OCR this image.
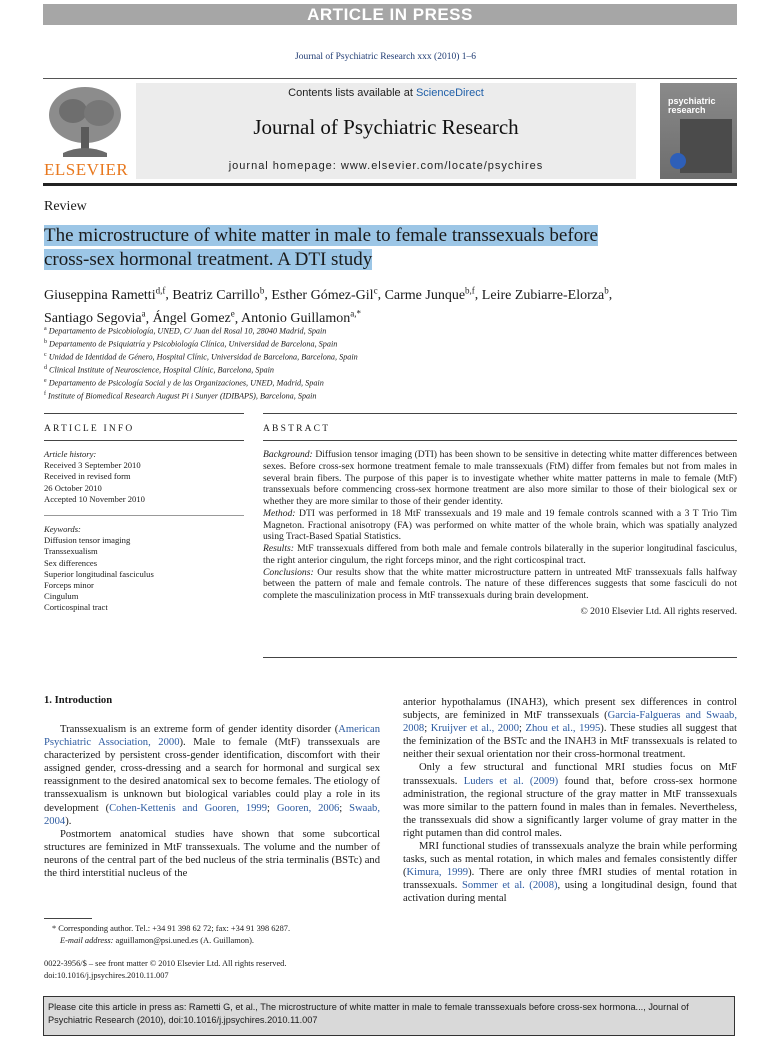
ARTICLE IN PRESS
Journal of Psychiatric Research xxx (2010) 1–6
ELSEVIER
Contents lists available at ScienceDirect
Journal of Psychiatric Research
journal homepage: www.elsevier.com/locate/psychires
psychiatric
research
Review
The microstructure of white matter in male to female transsexuals before
cross-sex hormonal treatment. A DTI study
Giuseppina Rametti$^{d,f}$, Beatriz Carrillo$^b$, Esther Gómez-Gil$^c$, Carme Junque$^{b,f}$, Leire Zubiarre-Elorza$^b$,
Santiago Segovia$^a$, Ángel Gomez$^e$, Antonio Guillamon$^{a,*}$
$^a$ Departamento de Psicobiología, UNED, C/ Juan del Rosal 10, 28040 Madrid, Spain
$^b$ Departamento de Psiquiatría y Psicobiología Clínica, Universidad de Barcelona, Spain
$^c$ Unidad de Identidad de Género, Hospital Clínic, Universidad de Barcelona, Barcelona, Spain
$^d$ Clinical Institute of Neuroscience, Hospital Clínic, Barcelona, Spain
$^e$ Departamento de Psicología Social y de las Organizaciones, UNED, Madrid, Spain
$^f$ Institute of Biomedical Research August Pi i Sunyer (IDIBAPS), Barcelona, Spain
ARTICLE INFO	ABSTRACT
Article history:
Received 3 September 2010
Received in revised form
26 October 2010
Accepted 10 November 2010
Keywords:
Diffusion tensor imaging
Transsexualism
Sex differences
Superior longitudinal fasciculus
Forceps minor
Cingulum
Corticospinal tract

Background: Diffusion tensor imaging (DTI) has been shown to be sensitive in detecting white matter differences between sexes. Before cross-sex hormone treatment female to male transsexuals (FtM) differ from females but not from males in several brain fibers. The purpose of this paper is to investigate whether white matter patterns in male to female (MtF) transsexuals before commencing cross-sex hormone treatment are also more similar to those of their biological sex or whether they are more similar to those of their gender identity.

Method: DTI was performed in 18 MtF transsexuals and 19 male and 19 female controls scanned with a 3 T Trio Tim Magneton. Fractional anisotropy (FA) was performed on white matter of the whole brain, which was spatially analyzed using Tract-Based Spatial Statistics.

Results: MtF transsexuals differed from both male and female controls bilaterally in the superior longitudinal fasciculus, the right anterior cingulum, the right forceps minor, and the right corticospinal tract.

Conclusions: Our results show that the white matter microstructure pattern in untreated MtF transsexuals falls halfway between the pattern of male and female controls. The nature of these differences suggests that some fasciculi do not complete the masculinization process in MtF transsexuals during brain development.

© 2010 Elsevier Ltd. All rights reserved.

1. Introduction

Transsexualism is an extreme form of gender identity disorder (American Psychiatric Association, 2000). Male to female (MtF) transsexuals are characterized by persistent cross-gender identification, discomfort with their assigned gender, cross-dressing and a search for hormonal and surgical sex reassignment to the desired anatomical sex to become females. The etiology of transsexualism is unknown but biological variables could play a role in its development (Cohen-Kettenis and Gooren, 1999; Gooren, 2006; Swaab, 2004).

Postmortem anatomical studies have shown that some subcortical structures are feminized in MtF transsexuals. The volume and the number of neurons of the central part of the bed nucleus of the stria terminalis (BSTc) and the third interstitial nucleus of the

anterior hypothalamus (INAH3), which present sex differences in control subjects, are feminized in MtF transsexuals (Garcia-Falgueras and Swaab, 2008; Kruijver et al., 2000; Zhou et al., 1995). These studies all suggest that the feminization of the BSTc and the INAH3 in MtF transsexuals is related to neither their sexual orientation nor their cross-hormonal treatment.

Only a few structural and functional MRI studies focus on MtF transsexuals. Luders et al. (2009) found that, before cross-sex hormone administration, the regional structure of the gray matter in MtF transsexuals was more similar to the pattern found in males than in females. Nevertheless, the transsexuals did show a significantly larger volume of gray matter in the right putamen than did control males.

MRI functional studies of transsexuals analyze the brain while performing tasks, such as mental rotation, in which males and females consistently differ (Kimura, 1999). There are only three fMRI studies of mental rotation in transsexuals. Sommer et al. (2008), using a longitudinal design, found that activation during mental

* Corresponding author. Tel.: +34 91 398 62 72; fax: +34 91 398 6287.
E-mail address: aguillamon@psi.uned.es (A. Guillamon).
0022-3956/$ – see front matter © 2010 Elsevier Ltd. All rights reserved.
doi:10.1016/j.jpsychires.2010.11.007
Please cite this article in press as: Rametti G, et al., The microstructure of white matter in male to female transsexuals before cross-sex hormona..., Journal of Psychiatric Research (2010), doi:10.1016/j.jpsychires.2010.11.007
